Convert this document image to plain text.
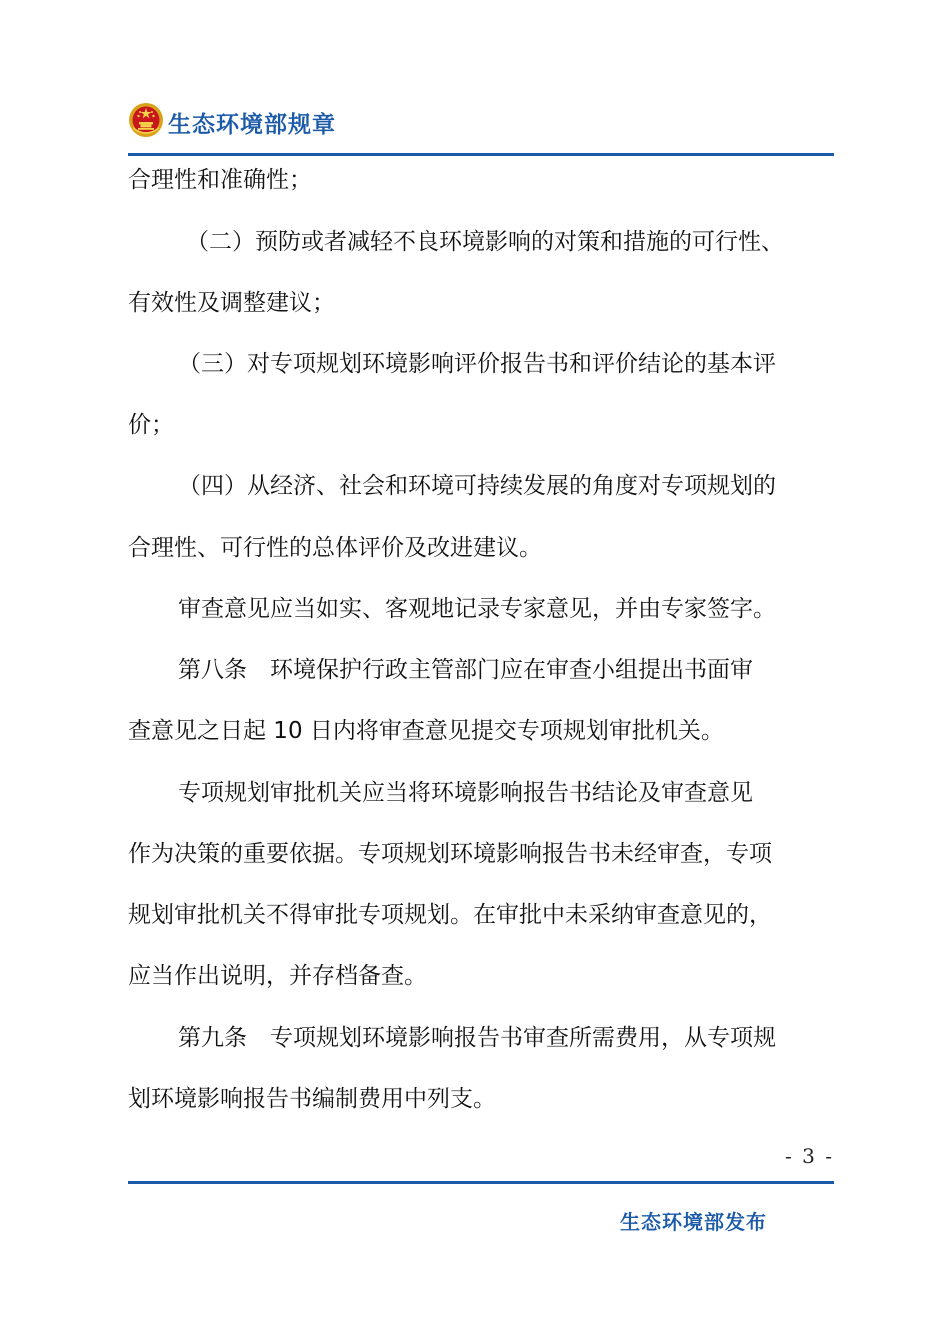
生态环境部规章
合理性和准确性；
（二）预防或者减轻不良环境影响的对策和措施的可行性、
有效性及调整建议；
（三）对专项规划环境影响评价报告书和评价结论的基本评
价；
（四）从经济、社会和环境可持续发展的角度对专项规划的
合理性、可行性的总体评价及改进建议。
审查意见应当如实、客观地记录专家意见，并由专家签字。
第八条　环境保护行政主管部门应在审查小组提出书面审
查意见之日起 10 日内将审查意见提交专项规划审批机关。
专项规划审批机关应当将环境影响报告书结论及审查意见
作为决策的重要依据。专项规划环境影响报告书未经审查，专项
规划审批机关不得审批专项规划。在审批中未采纳审查意见的，
应当作出说明，并存档备查。
第九条　专项规划环境影响报告书审查所需费用，从专项规
划环境影响报告书编制费用中列支。
- 3 -
生态环境部发布
